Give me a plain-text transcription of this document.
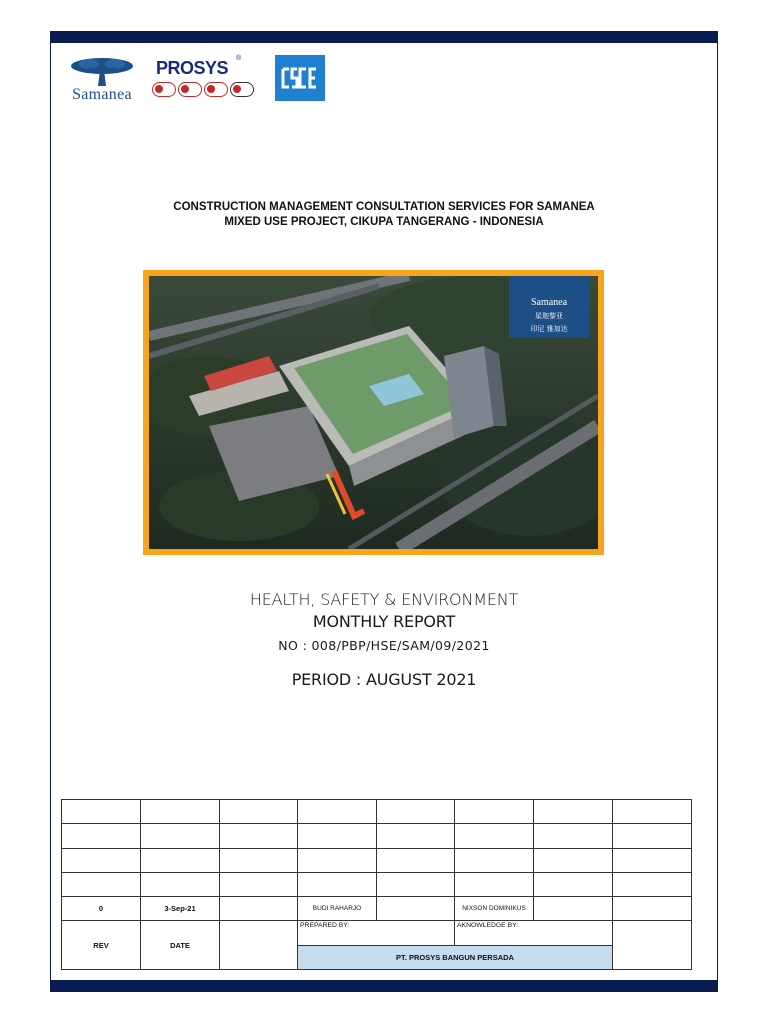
Samanea
PROSYS ®
CONSTRUCTION MANAGEMENT CONSULTATION SERVICES FOR SAMANEA
MIXED USE PROJECT, CIKUPA TANGERANG - INDONESIA
Samanea
星迦黎亚
印尼 雅加达
HEALTH, SAFETY & ENVIRONMENT
MONTHLY REPORT
NO : 008/PBP/HSE/SAM/09/2021
PERIOD : AUGUST 2021

0	3-Sep-21		BUDI RAHARJO		NIXSON DOMINIKUS		
REV	DATE		PREPARED BY:		AKNOWLEDGE BY:		
			PT. PROSYS BANGUN PERSADA				
